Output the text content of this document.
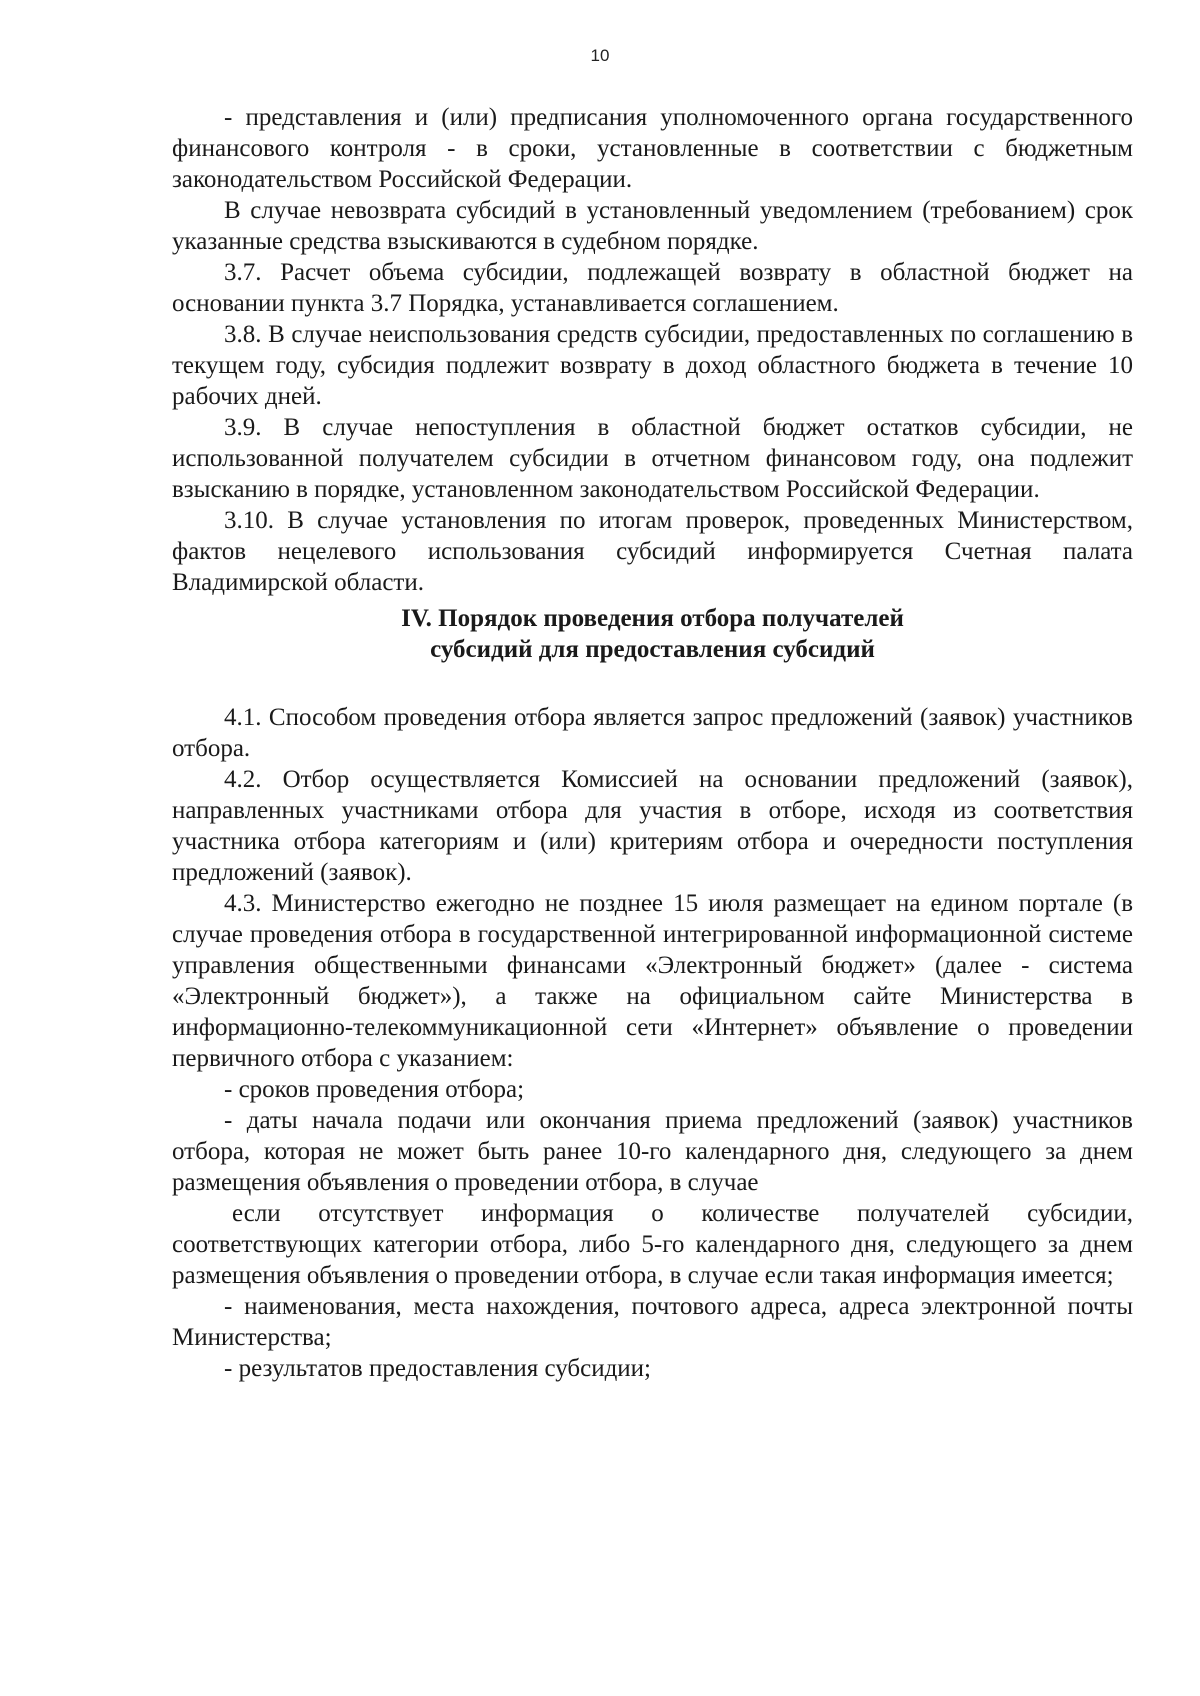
10

- представления и (или) предписания уполномоченного органа государственного финансового контроля - в сроки, установленные в соответствии с бюджетным законодательством Российской Федерации.

В случае невозврата субсидий в установленный уведомлением (требованием) срок указанные средства взыскиваются в судебном порядке.

3.7. Расчет объема субсидии, подлежащей возврату в областной бюджет на основании пункта 3.7 Порядка, устанавливается соглашением.

3.8. В случае неиспользования средств субсидии, предоставленных по соглашению в текущем году, субсидия подлежит возврату в доход областного бюджета в течение 10 рабочих дней.

3.9. В случае непоступления в областной бюджет остатков субсидии, не использованной получателем субсидии в отчетном финансовом году, она подлежит взысканию в порядке, установленном законодательством Российской Федерации.

3.10. В случае установления по итогам проверок, проведенных Министерством, фактов нецелевого использования субсидий информируется Счетная палата Владимирской области.

IV. Порядок проведения отбора получателей
субсидий для предоставления субсидий

4.1. Способом проведения отбора является запрос предложений (заявок) участников отбора.

4.2. Отбор осуществляется Комиссией на основании предложений (заявок), направленных участниками отбора для участия в отборе, исходя из соответствия участника отбора категориям и (или) критериям отбора и очередности поступления предложений (заявок).

4.3. Министерство ежегодно не позднее 15 июля размещает на едином портале (в случае проведения отбора в государственной интегрированной информационной системе управления общественными финансами «Электронный бюджет» (далее - система «Электронный бюджет»), а также на официальном сайте Министерства в информационно-телекоммуникационной сети «Интернет» объявление о проведении первичного отбора с указанием:

- сроков проведения отбора;

- даты начала подачи или окончания приема предложений (заявок) участников отбора, которая не может быть ранее 10-го календарного дня, следующего за днем размещения объявления о проведении отбора, в случае

если отсутствует информация о количестве получателей субсидии, соответствующих категории отбора, либо 5-го календарного дня, следующего за днем размещения объявления о проведении отбора, в случае если такая информация имеется;

- наименования, места нахождения, почтового адреса, адреса электронной почты Министерства;

- результатов предоставления субсидии;
